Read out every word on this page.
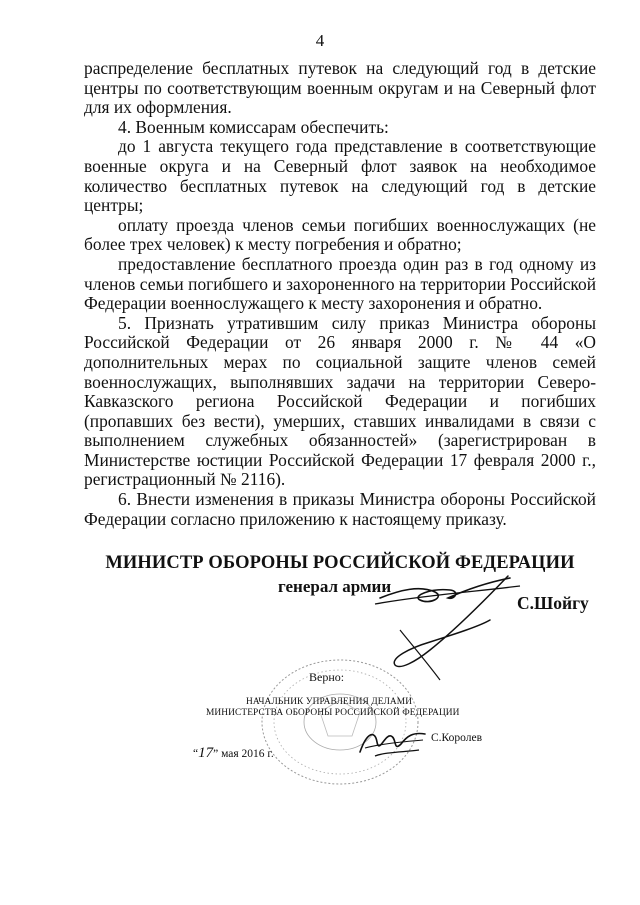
4

распределение бесплатных путевок на следующий год в детские центры по соответствующим военным округам и на Северный флот для их оформления.

4. Военным комиссарам обеспечить:

до 1 августа текущего года представление в соответствующие военные округа и на Северный флот заявок на необходимое количество бесплатных путевок на следующий год в детские центры;

оплату проезда членов семьи погибших военнослужащих (не более трех человек) к месту погребения и обратно;

предоставление бесплатного проезда один раз в год одному из членов семьи погибшего и захороненного на территории Российской Федерации военнослужащего к месту захоронения и обратно.

5. Признать утратившим силу приказ Министра обороны Российской Федерации от 26 января 2000 г. № 44 «О дополнительных мерах по социальной защите членов семей военнослужащих, выполнявших задачи на территории Северо-Кавказского региона Российской Федерации и погибших (пропавших без вести), умерших, ставших инвалидами в связи с выполнением служебных обязанностей» (зарегистрирован в Министерстве юстиции Российской Федерации 17 февраля 2000 г., регистрационный № 2116).

6. Внести изменения в приказы Министра обороны Российской Федерации согласно приложению к настоящему приказу.

МИНИСТР ОБОРОНЫ РОССИЙСКОЙ ФЕДЕРАЦИИ
генерал армии
С.Шойгу
Верно:
НАЧАЛЬНИК УПРАВЛЕНИЯ ДЕЛАМИ
МИНИСТЕРСТВА ОБОРОНЫ РОССИЙСКОЙ ФЕДЕРАЦИИ
“17” мая 2016 г.
С.Королев
